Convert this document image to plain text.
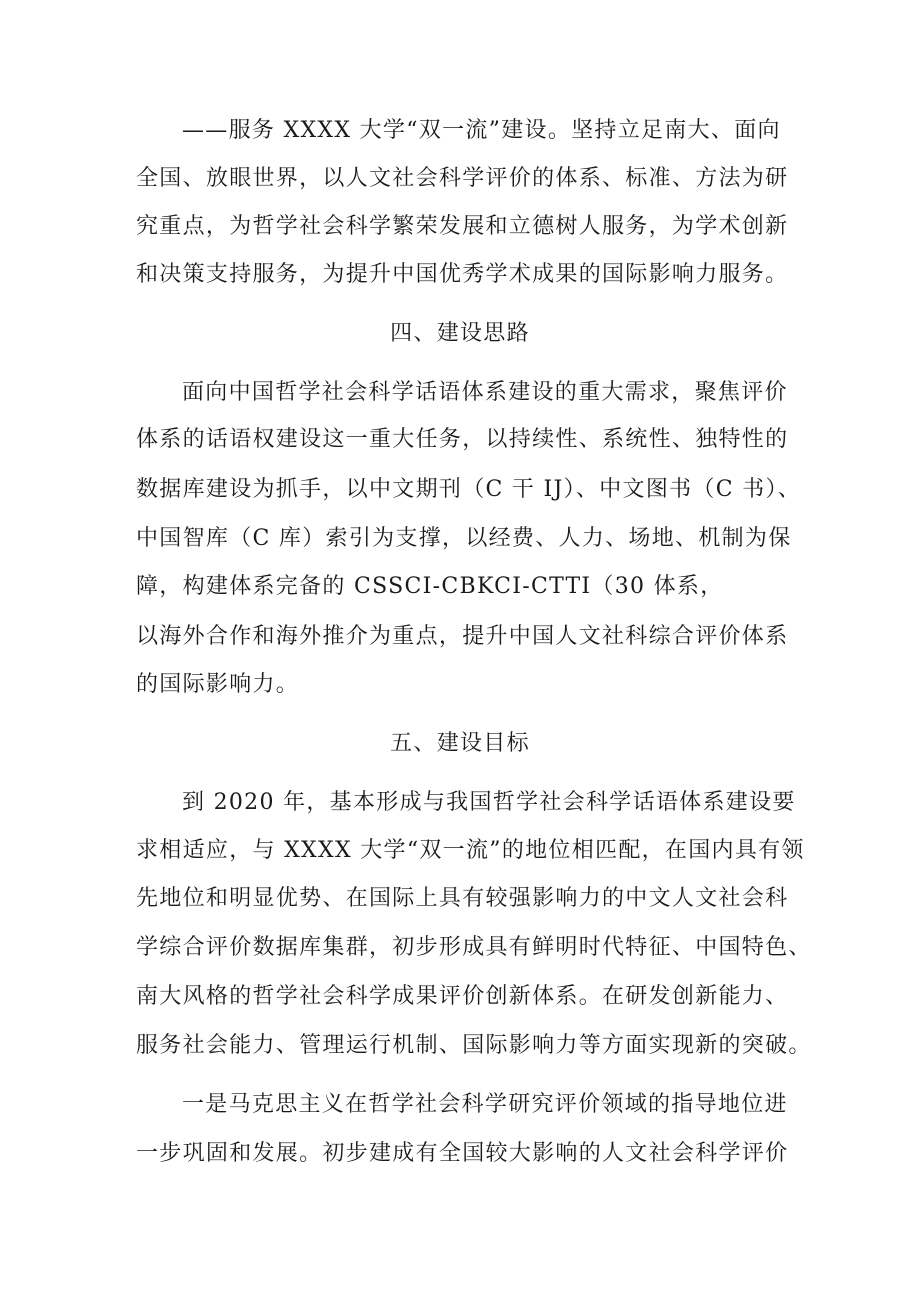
——服务 XXXX 大学“双一流”建设。坚持立足南大、面向
全国、放眼世界，以人文社会科学评价的体系、标准、方法为研
究重点，为哲学社会科学繁荣发展和立德树人服务，为学术创新
和决策支持服务，为提升中国优秀学术成果的国际影响力服务。
四、建设思路
面向中国哲学社会科学话语体系建设的重大需求，聚焦评价
体系的话语权建设这一重大任务，以持续性、系统性、独特性的
数据库建设为抓手，以中文期刊（C 干 IJ）、中文图书（C 书）、
中国智库（C 库）索引为支撑，以经费、人力、场地、机制为保
障，构建体系完备的 CSSCI-CBKCI-CTTI（30 体系，
以海外合作和海外推介为重点，提升中国人文社科综合评价体系
的国际影响力。
五、建设目标
到 2020 年，基本形成与我国哲学社会科学话语体系建设要
求相适应，与 XXXX 大学“双一流”的地位相匹配，在国内具有领
先地位和明显优势、在国际上具有较强影响力的中文人文社会科
学综合评价数据库集群，初步形成具有鲜明时代特征、中国特色、
南大风格的哲学社会科学成果评价创新体系。在研发创新能力、
服务社会能力、管理运行机制、国际影响力等方面实现新的突破。
一是马克思主义在哲学社会科学研究评价领域的指导地位进
一步巩固和发展。初步建成有全国较大影响的人文社会科学评价
